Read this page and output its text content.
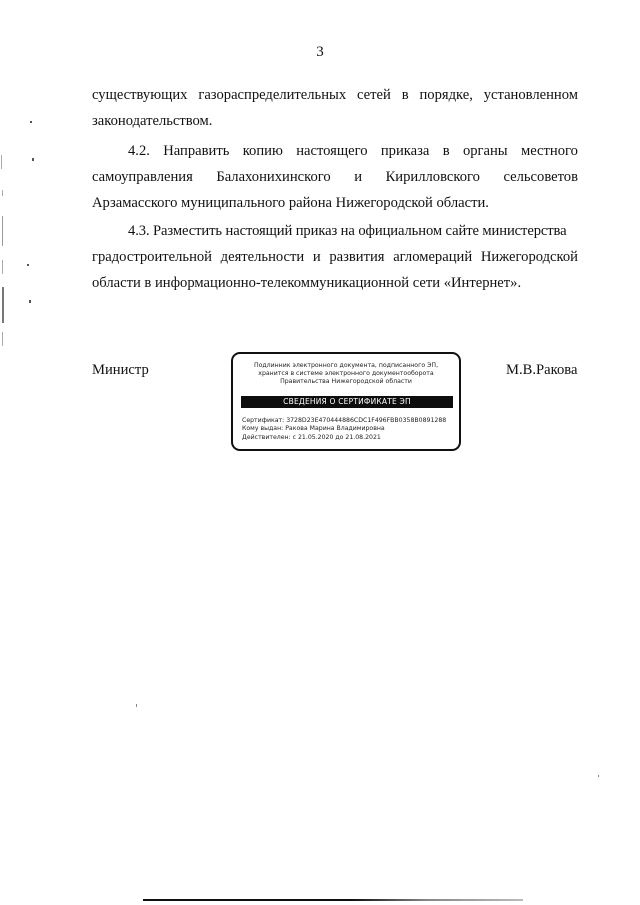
3
существующих газораспределительных сетей в порядке, установленном
законодательством.
4.2. Направить копию настоящего приказа в органы местного
самоуправления Балахонихинского и Кирилловского сельсоветов
Арзамасского муниципального района Нижегородской области.
4.3. Разместить настоящий приказ на официальном сайте министерства
градостроительной деятельности и развития агломераций Нижегородской
области в информационно-телекоммуникационной сети «Интернет».
Министр	Подлинник электронного документа, подписанного ЭП,
хранится в системе электронного документооборота
Правительства Нижегородской области
СВЕДЕНИЯ О СЕРТИФИКАТЕ ЭП
Сертификат: 3728D23E470444886CDC1F496FBB0358B0891288
Кому выдан: Ракова Марина Владимировна
Действителен: с 21.05.2020 до 21.08.2021
М.В.Ракова
